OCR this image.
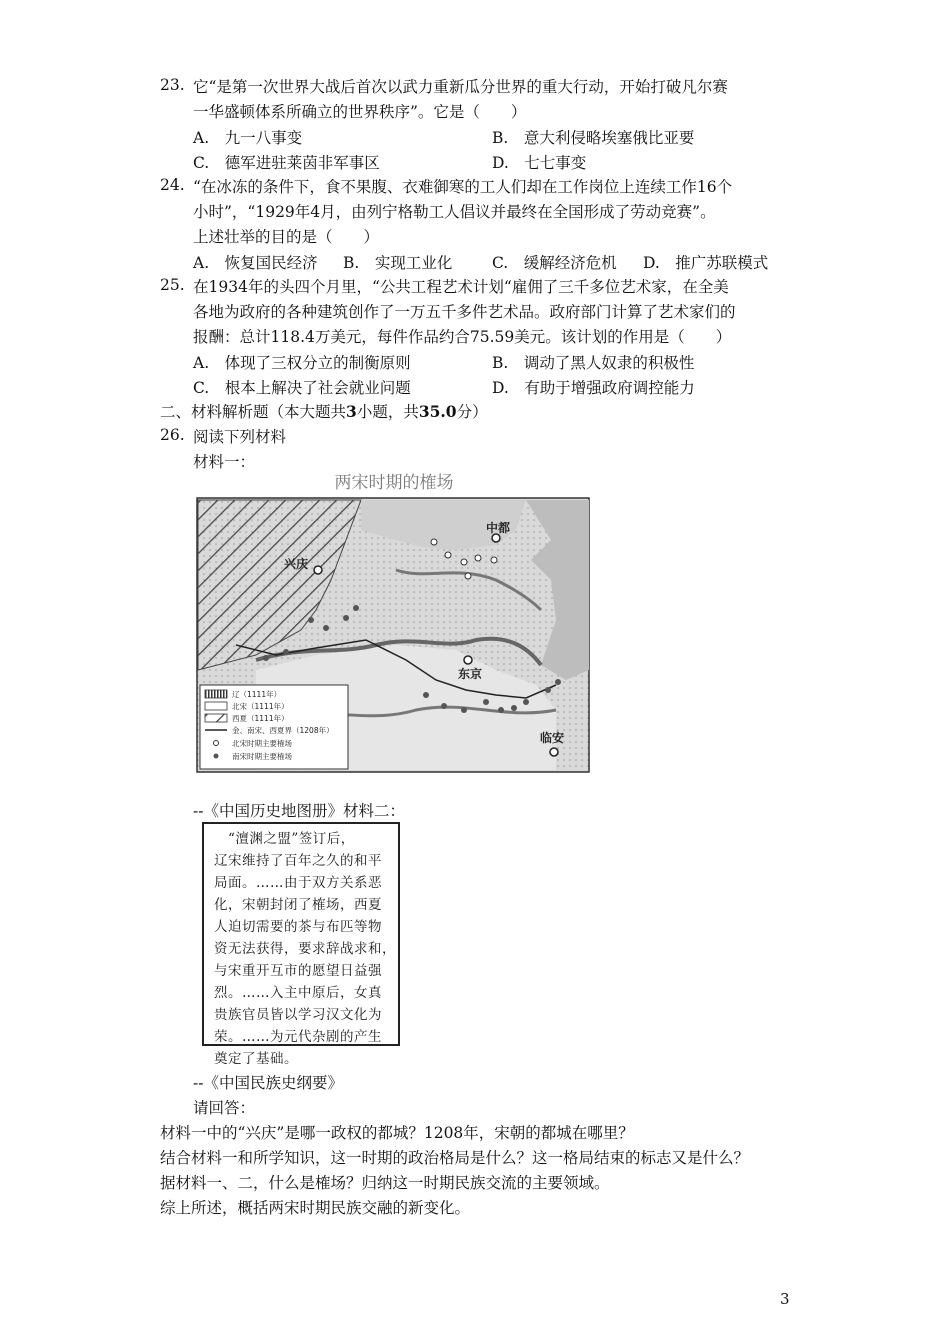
23. 它“是第一次世界大战后首次以武力重新瓜分世界的重大行动，开始打破凡尔赛
一华盛顿体系所确立的世界秩序”。它是（　　）
A.　九一八事变	B.　意大利侵略埃塞俄比亚要
C.　德军进驻莱茵非军事区	D.　七七事变
24. “在冰冻的条件下，食不果腹、衣难御寒的工人们却在工作岗位上连续工作16个
小时”，“1929年4月，由列宁格勒工人倡议并最终在全国形成了劳动竞赛”。
上述壮举的目的是（　　）
A.　恢复国民经济 B.　实现工业化	C.　缓解经济危机 D.　推广苏联模式
25. 在1934年的头四个月里，“公共工程艺术计划“雇佣了三千多位艺术家，在全美
各地为政府的各种建筑创作了一万五千多件艺术品。政府部门计算了艺术家们的
报酬：总计118.4万美元，每件作品约合75.59美元。该计划的作用是（　　）
A.　体现了三权分立的制衡原则	B.　调动了黑人奴隶的积极性
C.　根本上解决了社会就业问题	D.　有助于增强政府调控能力
二、材料解析题（本大题共3小题，共35.0分）
26. 阅读下列材料
材料一：
两宋时期的榷场
中都
兴庆
东京
临安
辽（1111年）
北宋（1111年）
西夏（1111年）
金、南宋、西夏界（1208年）
北宋时期主要榷场
南宋时期主要榷场
--《中国历史地图册》材料二：
　“澶渊之盟”签订后，
辽宋维持了百年之久的和平
局面。……由于双方关系恶
化，宋朝封闭了榷场，西夏
人迫切需要的茶与布匹等物
资无法获得，要求辞战求和，
与宋重开互市的愿望日益强
烈。……入主中原后，女真
贵族官员皆以学习汉文化为
荣。……为元代杂剧的产生
奠定了基础。
--《中国民族史纲要》
请回答：
材料一中的“兴庆”是哪一政权的都城？1208年，宋朝的都城在哪里？
结合材料一和所学知识，这一时期的政治格局是什么？这一格局结束的标志又是什么？
据材料一、二，什么是榷场？归纳这一时期民族交流的主要领域。
综上所述，概括两宋时期民族交融的新变化。
3
